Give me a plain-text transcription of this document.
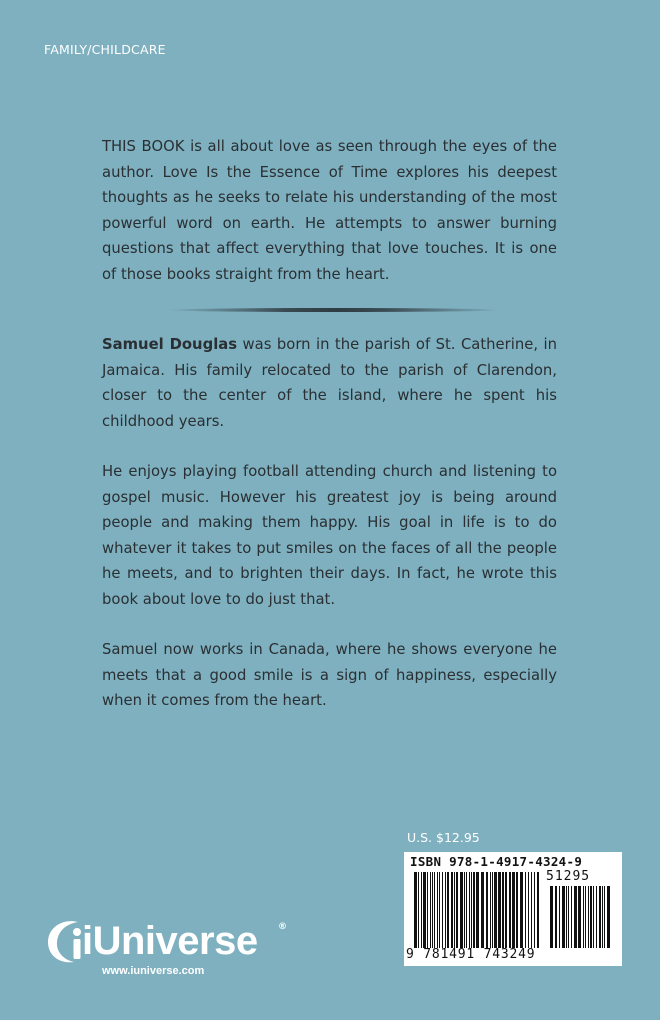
FAMILY/CHILDCARE
THIS BOOK is all about love as seen through the eyes of the author. Love Is the Essence of Time explores his deepest thoughts as he seeks to relate his understanding of the most powerful word on earth. He attempts to answer burning questions that affect everything that love touches. It is one of those books straight from the heart.

Samuel Douglas was born in the parish of St. Catherine, in Jamaica. His family relocated to the parish of Clarendon, closer to the center of the island, where he spent his childhood years.

He enjoys playing football attending church and listening to gospel music. However his greatest joy is being around people and making them happy. His goal in life is to do whatever it takes to put smiles on the faces of all the people he meets, and to brighten their days. In fact, he wrote this book about love to do just that.

Samuel now works in Canada, where he shows everyone he meets that a good smile is a sign of happiness, especially when it comes from the heart.

U.S. $12.95
ISBN 978-1-4917-4324-9
51295
9 781491 743249
iUniverse ®
www.iuniverse.com
